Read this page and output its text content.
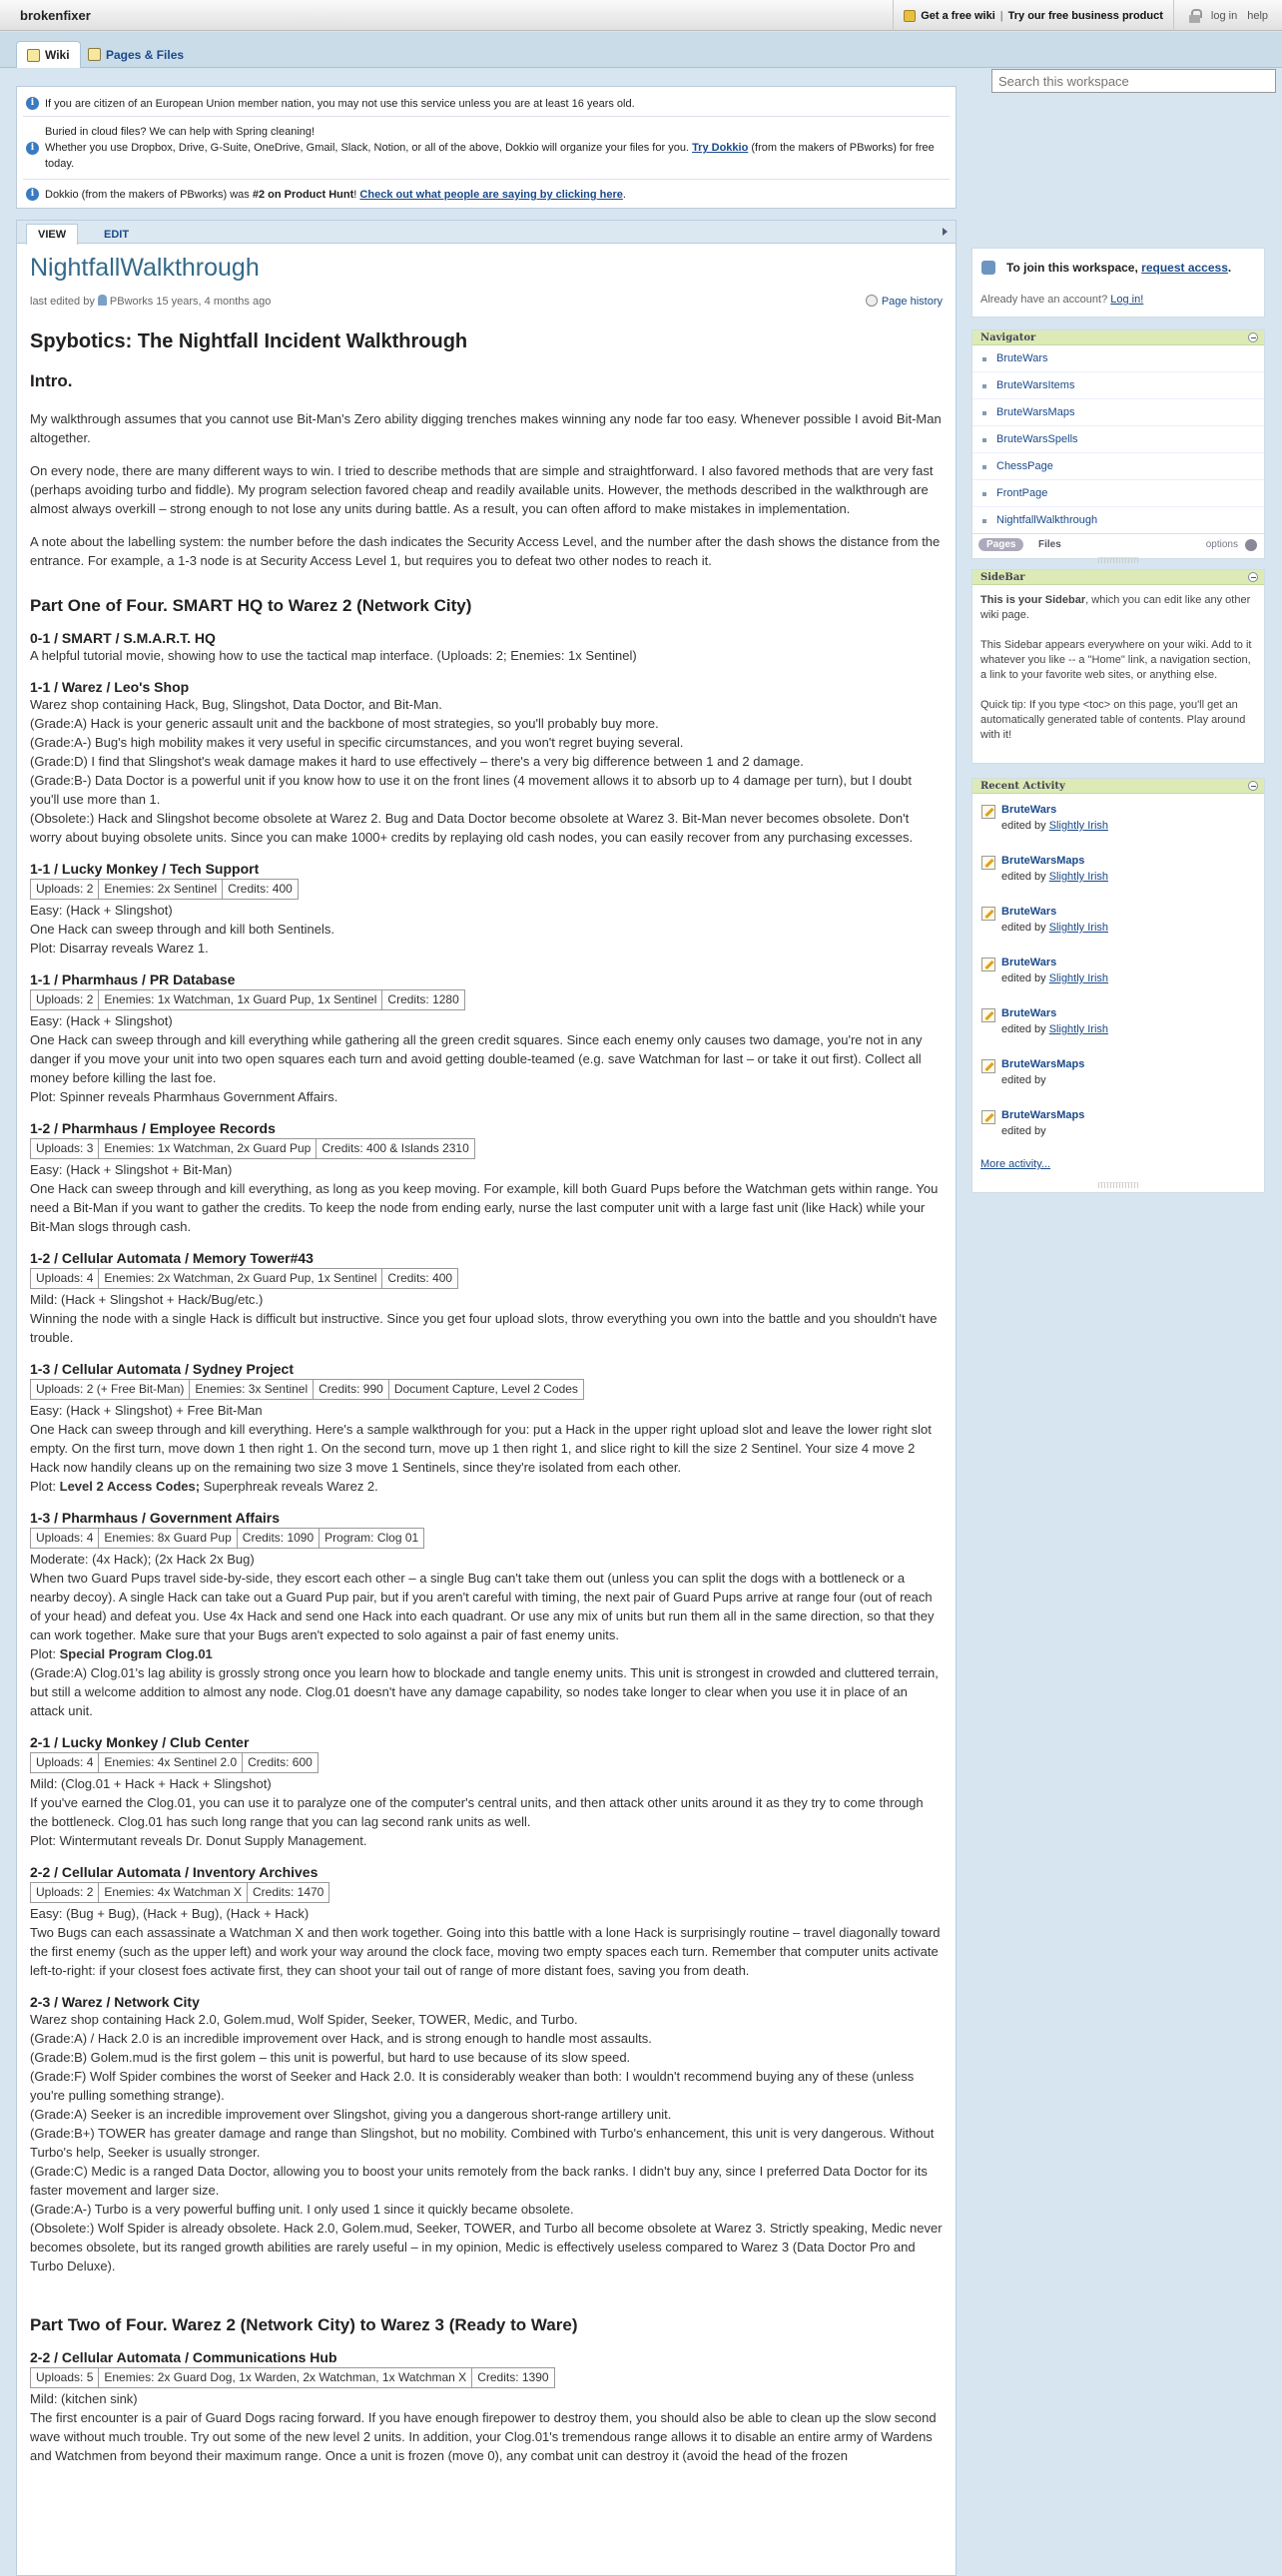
brokenfixer	Get a free wiki | Try our free business product	log in help
Wiki	Pages & Files
Search this workspace
i If you are citizen of an European Union member nation, you may not use this service unless you are at least 16 years old.
i
Buried in cloud files? We can help with Spring cleaning!
Whether you use Dropbox, Drive, G-Suite, OneDrive, Gmail, Slack, Notion, or all of the above, Dokkio will organize your files for you. Try Dokkio (from the makers of PBworks) for free today.
i Dokkio (from the makers of PBworks) was #2 on Product Hunt! Check out what people are saying by clicking here.
VIEW	EDIT
NightfallWalkthrough
last edited by PBworks 15 years, 4 months ago	Page history
Spybotics: The Nightfall Incident Walkthrough
Intro.

My walkthrough assumes that you cannot use Bit-Man's Zero ability digging trenches makes winning any node far too easy. Whenever possible I avoid Bit-Man altogether.

On every node, there are many different ways to win. I tried to describe methods that are simple and straightforward. I also favored methods that are very fast (perhaps avoiding turbo and fiddle). My program selection favored cheap and readily available units. However, the methods described in the walkthrough are almost always overkill – strong enough to not lose any units during battle. As a result, you can often afford to make mistakes in implementation.

A note about the labelling system: the number before the dash indicates the Security Access Level, and the number after the dash shows the distance from the entrance. For example, a 1-3 node is at Security Access Level 1, but requires you to defeat two other nodes to reach it.

Part One of Four. SMART HQ to Warez 2 (Network City)
0-1 / SMART / S.M.A.R.T. HQ
A helpful tutorial movie, showing how to use the tactical map interface. (Uploads: 2; Enemies: 1x Sentinel)
1-1 / Warez / Leo's Shop
Warez shop containing Hack, Bug, Slingshot, Data Doctor, and Bit-Man.
(Grade:A) Hack is your generic assault unit and the backbone of most strategies, so you'll probably buy more.
(Grade:A-) Bug's high mobility makes it very useful in specific circumstances, and you won't regret buying several.
(Grade:D) I find that Slingshot's weak damage makes it hard to use effectively – there's a very big difference between 1 and 2 damage.
(Grade:B-) Data Doctor is a powerful unit if you know how to use it on the front lines (4 movement allows it to absorb up to 4 damage per turn), but I doubt you'll use more than 1.
(Obsolete:) Hack and Slingshot become obsolete at Warez 2. Bug and Data Doctor become obsolete at Warez 3. Bit-Man never becomes obsolete. Don't worry about buying obsolete units. Since you can make 1000+ credits by replaying old cash nodes, you can easily recover from any purchasing excesses.
1-1 / Lucky Monkey / Tech Support
Uploads: 2	Enemies: 2x Sentinel	Credits: 400
Easy: (Hack + Slingshot)
One Hack can sweep through and kill both Sentinels.
Plot: Disarray reveals Warez 1.
1-1 / Pharmhaus / PR Database
Uploads: 2	Enemies: 1x Watchman, 1x Guard Pup, 1x Sentinel	Credits: 1280
Easy: (Hack + Slingshot)
One Hack can sweep through and kill everything while gathering all the green credit squares. Since each enemy only causes two damage, you're not in any danger if you move your unit into two open squares each turn and avoid getting double-teamed (e.g. save Watchman for last – or take it out first). Collect all money before killing the last foe.
Plot: Spinner reveals Pharmhaus Government Affairs.
1-2 / Pharmhaus / Employee Records
Uploads: 3	Enemies: 1x Watchman, 2x Guard Pup	Credits: 400 & Islands 2310
Easy: (Hack + Slingshot + Bit-Man)
One Hack can sweep through and kill everything, as long as you keep moving. For example, kill both Guard Pups before the Watchman gets within range. You need a Bit-Man if you want to gather the credits. To keep the node from ending early, nurse the last computer unit with a large fast unit (like Hack) while your Bit-Man slogs through cash.
1-2 / Cellular Automata / Memory Tower#43
Uploads: 4	Enemies: 2x Watchman, 2x Guard Pup, 1x Sentinel	Credits: 400
Mild: (Hack + Slingshot + Hack/Bug/etc.)
Winning the node with a single Hack is difficult but instructive. Since you get four upload slots, throw everything you own into the battle and you shouldn't have trouble.
1-3 / Cellular Automata / Sydney Project
Uploads: 2 (+ Free Bit-Man)	Enemies: 3x Sentinel	Credits: 990	Document Capture, Level 2 Codes
Easy: (Hack + Slingshot) + Free Bit-Man
One Hack can sweep through and kill everything. Here's a sample walkthrough for you: put a Hack in the upper right upload slot and leave the lower right slot empty. On the first turn, move down 1 then right 1. On the second turn, move up 1 then right 1, and slice right to kill the size 2 Sentinel. Your size 4 move 2 Hack now handily cleans up on the remaining two size 3 move 1 Sentinels, since they're isolated from each other.
Plot: Level 2 Access Codes; Superphreak reveals Warez 2.
1-3 / Pharmhaus / Government Affairs
Uploads: 4	Enemies: 8x Guard Pup	Credits: 1090	Program: Clog 01
Moderate: (4x Hack); (2x Hack 2x Bug)
When two Guard Pups travel side-by-side, they escort each other – a single Bug can't take them out (unless you can split the dogs with a bottleneck or a nearby decoy). A single Hack can take out a Guard Pup pair, but if you aren't careful with timing, the next pair of Guard Pups arrive at range four (out of reach of your head) and defeat you. Use 4x Hack and send one Hack into each quadrant. Or use any mix of units but run them all in the same direction, so that they can work together. Make sure that your Bugs aren't expected to solo against a pair of fast enemy units.
Plot: Special Program Clog.01
(Grade:A) Clog.01's lag ability is grossly strong once you learn how to blockade and tangle enemy units. This unit is strongest in crowded and cluttered terrain, but still a welcome addition to almost any node. Clog.01 doesn't have any damage capability, so nodes take longer to clear when you use it in place of an attack unit.
2-1 / Lucky Monkey / Club Center
Uploads: 4	Enemies: 4x Sentinel 2.0	Credits: 600
Mild: (Clog.01 + Hack + Hack + Slingshot)
If you've earned the Clog.01, you can use it to paralyze one of the computer's central units, and then attack other units around it as they try to come through the bottleneck. Clog.01 has such long range that you can lag second rank units as well.
Plot: Wintermutant reveals Dr. Donut Supply Management.
2-2 / Cellular Automata / Inventory Archives
Uploads: 2	Enemies: 4x Watchman X	Credits: 1470
Easy: (Bug + Bug), (Hack + Bug), (Hack + Hack)
Two Bugs can each assassinate a Watchman X and then work together. Going into this battle with a lone Hack is surprisingly routine – travel diagonally toward the first enemy (such as the upper left) and work your way around the clock face, moving two empty spaces each turn. Remember that computer units activate left-to-right: if your closest foes activate first, they can shoot your tail out of range of more distant foes, saving you from death.
2-3 / Warez / Network City
Warez shop containing Hack 2.0, Golem.mud, Wolf Spider, Seeker, TOWER, Medic, and Turbo.
(Grade:A) / Hack 2.0 is an incredible improvement over Hack, and is strong enough to handle most assaults.
(Grade:B) Golem.mud is the first golem – this unit is powerful, but hard to use because of its slow speed.
(Grade:F) Wolf Spider combines the worst of Seeker and Hack 2.0. It is considerably weaker than both: I wouldn't recommend buying any of these (unless you're pulling something strange).
(Grade:A) Seeker is an incredible improvement over Slingshot, giving you a dangerous short-range artillery unit.
(Grade:B+) TOWER has greater damage and range than Slingshot, but no mobility. Combined with Turbo's enhancement, this unit is very dangerous. Without Turbo's help, Seeker is usually stronger.
(Grade:C) Medic is a ranged Data Doctor, allowing you to boost your units remotely from the back ranks. I didn't buy any, since I preferred Data Doctor for its faster movement and larger size.
(Grade:A-) Turbo is a very powerful buffing unit. I only used 1 since it quickly became obsolete.
(Obsolete:) Wolf Spider is already obsolete. Hack 2.0, Golem.mud, Seeker, TOWER, and Turbo all become obsolete at Warez 3. Strictly speaking, Medic never becomes obsolete, but its ranged growth abilities are rarely useful – in my opinion, Medic is effectively useless compared to Warez 3 (Data Doctor Pro and Turbo Deluxe).
Part Two of Four. Warez 2 (Network City) to Warez 3 (Ready to Ware)
2-2 / Cellular Automata / Communications Hub
Uploads: 5	Enemies: 2x Guard Dog, 1x Warden, 2x Watchman, 1x Watchman X	Credits: 1390
Mild: (kitchen sink)
The first encounter is a pair of Guard Dogs racing forward. If you have enough firepower to destroy them, you should also be able to clean up the slow second wave without much trouble. Try out some of the new level 2 units. In addition, your Clog.01's tremendous range allows it to disable an entire army of Wardens and Watchmen from beyond their maximum range. Once a unit is frozen (move 0), any combat unit can destroy it (avoid the head of the frozen
To join this workspace, request access.
Already have an account? Log in!
Navigator
BruteWars
BruteWarsItems
BruteWarsMaps
BruteWarsSpells
ChessPage
FrontPage
NightfallWalkthrough
Pages	Files	options
SideBar

This is your Sidebar, which you can edit like any other wiki page.

This Sidebar appears everywhere on your wiki. Add to it whatever you like -- a "Home" link, a navigation section, a link to your favorite web sites, or anything else.

Quick tip: If you type <toc> on this page, you'll get an automatically generated table of contents. Play around with it!

Recent Activity
BruteWars
edited by Slightly Irish
BruteWarsMaps
edited by Slightly Irish
BruteWars
edited by Slightly Irish
BruteWars
edited by Slightly Irish
BruteWars
edited by Slightly Irish
BruteWarsMaps
edited by
BruteWarsMaps
edited by
More activity...
